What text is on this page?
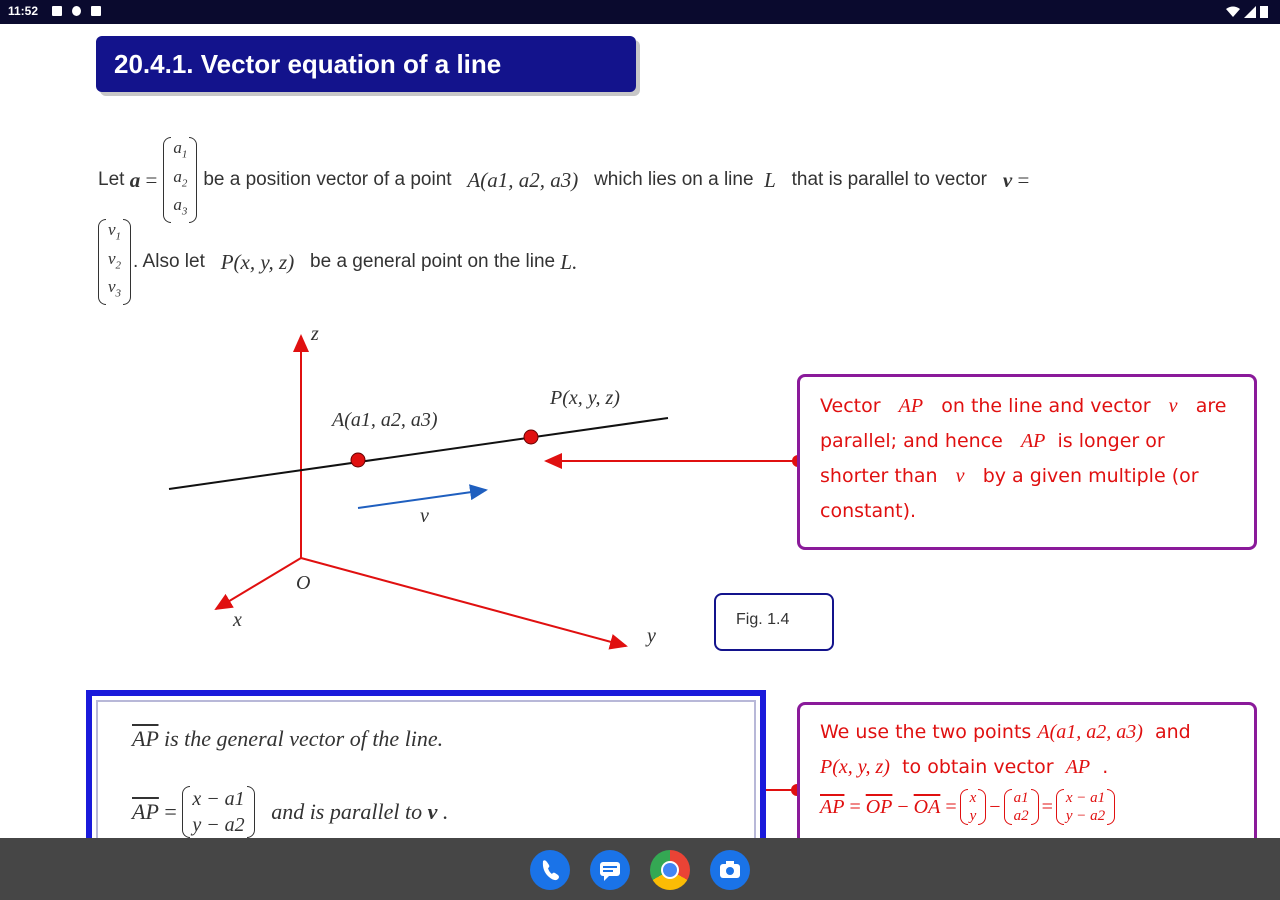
11:52
20.4.1. Vector equation of a line
Let
a
=
$a_1$
$a_2$
$a_3$
be a position vector of a point
A(a1, a2, a3)
which lies on a line
L
that is parallel to vector
v
=
$v_1$
$v_2$
$v_3$
. Also let
P(x, y, z)
be a general point on the line
L.
z
x
y
O
A(a1, a2, a3)
P(x, y, z)
v
Vector AP on the line and vector v are
parallel; and hence AP is longer or
shorter than v by a given multiple (or
constant).
Fig. 1.4
$\overline{AP}$ is the general vector of the line.
$\overline{AP}$
=
x − a1
y − a2

and is parallel to
v
.
We use the two points A(a1, a2, a3) and
P(x, y, z) to obtain vector AP .
$\overline{AP}$
=
$\overline{OP}$
−
$\overline{OA}$
= x
y − a1
a2 = x − a1
y − a2
